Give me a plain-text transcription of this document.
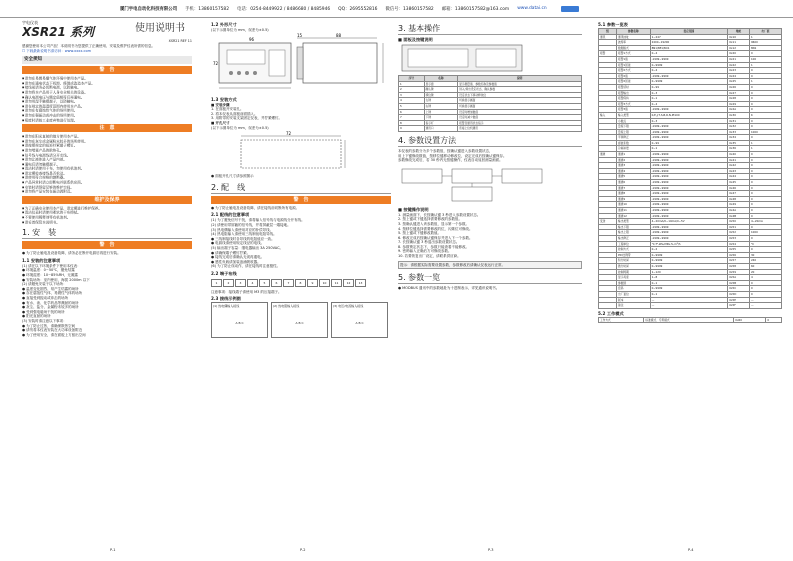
厦门宇电自动化科技有限公司 手机：13860157582 电话：0254-8449922 / 8486680 / 8485946 QQ：2695552816 微信号：13860157582 邮箱：13860157582@163.com www.datai.cn
宇电仪表
XSR21 系列	使用说明书
XSR21 REF 11
感谢您使用本公司产品！本说明书为您提供了正确使用、安装及维护仪表所需的信息。
☐ 下载最新说明书请访问：www.xxxx.com
安全须知
警　告
■ 请勿在易燃易爆气体环境中使用本产品。
■ 请勿在通电状态下拆卸、修理或改造本产品。
■ 接线前请务必切断电源，以防触电。
■ 请勿将本产品用于人身安全相关的设备。
■ 确认电源电压与额定值相符后再通电。
■ 请勿用湿手触摸端子，以防触电。
■ 请在规定的温湿度范围内使用本产品。
■ 请勿在有腐蚀性气体的场所使用。
■ 请勿在强振动或冲击的场所使用。
■ 报废时请按工业废弃物进行处理。
注　意
■ 请勿在阳光直射的地方使用本产品。
■ 请勿在灰尘或金属粉末较多的场所使用。
■ 请按照规定的扭矩拧紧端子螺钉。
■ 请勿堵塞产品的散热孔。
■ 信号线与电源线请分开走线。
■ 请勿让液体进入产品内部。
■ 通电后请勿触摸端子。
■ 清洁时请使用干布，勿使用有机溶剂。
■ 请定期检查接线是否松动。
■ 请使用符合规格的熔断器。
■ 产品异常时请立即断电并联系供应商。
■ 安装时请预留足够的维护空间。
■ 请勿将产品安装在振动源附近。
维护及保养
■ 为了正确安全使用本产品，请定期进行维护保养。
■ 清洁仪表时请使用柔软的干布擦拭。
■ 不要使用稀释剂等有机溶剂。
■ 请妥善保管本说明书。
1. 安　装
警　告
● 为了防止触电及设备故障，请务必在断开电源后再进行安装。
1.1 安装的注意事项
(1) 请在以下环境条件下使用本仪表：
● 环境温度：0~50℃，避免结露
● 环境湿度：10~85%RH，无凝露
● 安装场所：室内使用，海拔 2000m 以下
(2) 请避免安装于以下场所：
● 温度变化剧烈、易产生结露的场所
● 存在腐蚀性气体、易燃性气体的场所
● 直接受到振动或冲击的场所
● 有水、油、化学药品等溅射的场所
● 灰尘、盐分、金属粉末较多的场所
● 受到强电磁场干扰的场所
● 阳光直射的场所
(3) 安装时请注意以下事项：
● 为了防止过热，请确保散热空间
● 请勿将本仪表安装在大功率设备附近
● 为了使用安全，请在面板上方留出空间
1.2 外形尺寸
(以下示图单位为 mm，误差为±0.5)
96
72
15	88
1.3 安装方式
■ 安装步骤
1. 在面板开安装孔。
2. 将本仪表从面板前面插入。
3. 用附带的安装支架固定仪表，并拧紧螺钉。
■ 开孔尺寸
(以下示图单位为 mm，误差为±0.5)
72
● 面板开孔尺寸请参照图示
2. 配　线
警　告
● 为了防止触电及设备故障，请在接线前切断所有电源。
2.1 配线的注意事项
(1) 为了避免信号干扰，请将输入信号线与电源线分开布线。
(2) 请使用带屏蔽的信号线，并将屏蔽层一端接地。
(3) 热电偶输入请使用对应的补偿导线。
(4) 热电阻输入请使用三线制低电阻导线。
● 三线制接线时各导线的电阻值应一致。
● 电源线请使用规定线径的电线。
(5) 输出端子容量：继电器输出 3A 250VAC。
● 请确保端子螺钉拧紧。
● 接线完成后请确认无误再通电。
● 感性负载请加装浪涌吸收器。
(6) 为了防止误动作，请在接线时注意极性。
2.2 端子布线
1	2	3	4	5	6	7	8	9	10	11	12	13
注意事项：接线端子请使用 M3 的压接端子。
2.3 接线示例图
(1) 热电偶输入接线
A B C
(2) 热电阻输入接线
A B C
(3) 电压/电流输入接线
A B C
3. 基本操作
■ 面板及按键说明
序号	名称	说明
1	显示窗	显示测量值、参数名称及参数值
2	确认键	进入/退出设定状态，确认参数
3	移位键	设定状态下移动修改位
4	左键	切换显示画面
5	右键	切换显示画面
6	上键	设定时增加数值
7	下键	设定时减少数值
8	指示灯	报警及通讯状态指示
9	通讯口	连接上位机通讯
4. 参数设置方法
本仪表的参数分为多个参数组，按确认键进入参数设置状态，
用上下键修改数值，按移位键移动修改位，设定完成后按确认键保存。
参数修改完成后，若 30 秒内无按键操作，仪表自动返回测量画面。
■ 按键操作说明
1. 测量画面下，长按确认键 3 秒进入参数设置状态。
2. 按上键或下键选择需要修改的参数组。
3. 按确认键进入该参数组，显示第一个参数。
4. 按移位键选择需要修改的位，闪烁位可修改。
5. 按上键或下键修改数值。
6. 修改完成后按确认键保存并进入下一个参数。
7. 长按确认键 3 秒退出参数设置状态。
8. 参数锁定状态下，参数只能查看不能修改。
9. 密码输入正确后方可修改参数。
10. 若要恢复出厂设定，请联系供应商。
提示：请根据实际需要设置参数，参数修改后请确认仪表运行正常。
5. 参数一览
● MODBUS 通讯中的参数地址为十进制表示，详见通讯说明书。
5.1 参数一览表
组	参数名称	设定范围	地址	出厂值
通讯	通讯地址	1~247	0x10	1
	波特率	2400~19200	0x11	9600
	数据格式	8N1/8E1/8O1	0x12	8N1
报警	报警1方式	0~4	0x20	0
	报警1值	-1999~9999	0x21	100
	报警1回差	0~9999	0x22	1
	报警2方式	0~4	0x23	0
	报警2值	-1999~9999	0x24	0
	报警2回差	0~9999	0x25	1
	报警延时	0~99	0x26	0
	报警输出	0~3	0x27	0
	报警保持	0~1	0x28	0
	报警3方式	0~4	0x29	0
	报警3值	-1999~9999	0x2A	0
输入	输入类型	K,E,J,T,S,B,R,N,Pt100	0x30	K
	小数点	0~3	0x31	0
	量程下限	-1999~9999	0x32	0
	量程上限	-1999~9999	0x33	1000
	平移修正	-1999~9999	0x34	0
	滤波系数	0~99	0x35	1
	冷端补偿	0~1	0x36	1
通道	通道1	-1999~9999	0x40	0
	通道2	-1999~9999	0x41	0
	通道3	-1999~9999	0x42	0
	通道4	-1999~9999	0x43	0
	通道5	-1999~9999	0x44	0
	通道6	-1999~9999	0x45	0
	通道7	-1999~9999	0x46	0
	通道8	-1999~9999	0x47	0
	通道9	-1999~9999	0x48	0
	通道10	-1999~9999	0x49	0
	通道11	-1999~9999	0x4A	0
	通道12	-1999~9999	0x4B	0
变送	输出类型	4~20mA/0~10mA/0~5V	0x50	4~20mA
	输出下限	-1999~9999	0x51	0
	输出上限	-1999~9999	0x52	1000
	输出修正	-1999~9999	0x53	0
	工程单位	℃,℉,kPa,MPa,%,m³/h	0x54	℃
	控制方式	0~2	0x55	0
	PID比例带	0~9999	0x56	30
	积分时间	0~9999	0x57	240
	微分时间	0~9999	0x58	60
	控制周期	1~120	0x59	20
	显示亮度	1~8	0x5A	4
	参数锁	0~1	0x5B	0
	密码	0~9999	0x5C	0
	出厂复位	0~1	0x5D	0
	版本	—	0x5E	—
	备注	—	0x5F	—
5.2 工作模式
工作方式	标准模式、专用模式	0x60	0
P-1	P-2	P-3	P-4
